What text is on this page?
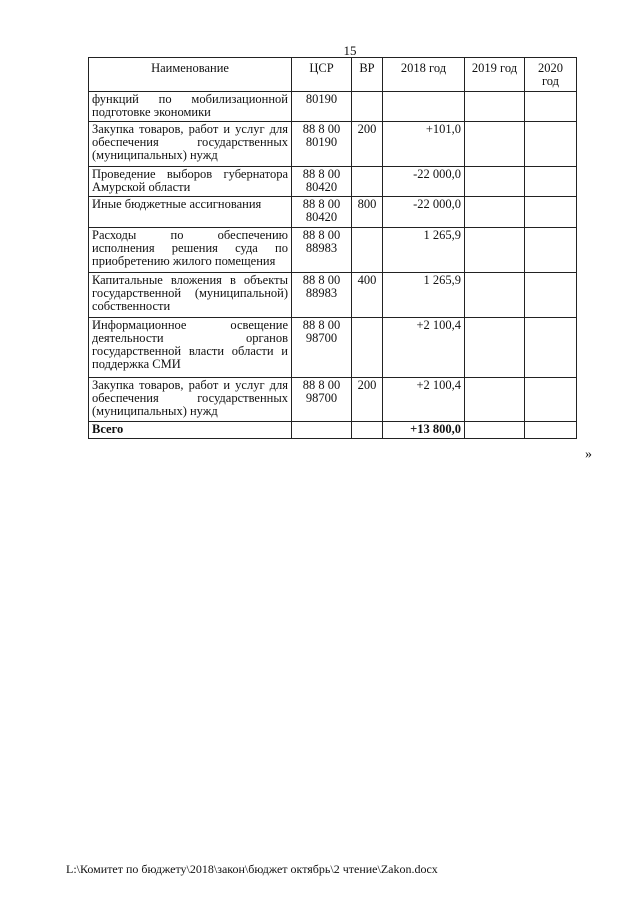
15
Наименование	ЦСР	ВР	2018 год	2019 год	2020 год
функций по мобилизационной подготовке экономики	80190				
Закупка товаров, работ и услуг для обеспечения государственных (муниципальных) нужд	88 8 00 80190	200	+101,0		
Проведение выборов губернатора Амурской области	88 8 00 80420		-22 000,0		
Иные бюджетные ассигнования	88 8 00 80420	800	-22 000,0		
Расходы по обеспечению исполнения решения суда по приобретению жилого помещения	88 8 00 88983		1 265,9		
Капитальные вложения в объекты государственной (муниципальной) собственности	88 8 00 88983	400	1 265,9		
Информационное освещение деятельности органов государственной власти области и поддержка СМИ	88 8 00 98700		+2 100,4		
Закупка товаров, работ и услуг для обеспечения государственных (муниципальных) нужд	88 8 00 98700	200	+2 100,4		
Всего			+13 800,0		
»
L:\Комитет по бюджету\2018\закон\бюджет октябрь\2 чтение\Zakon.docx
